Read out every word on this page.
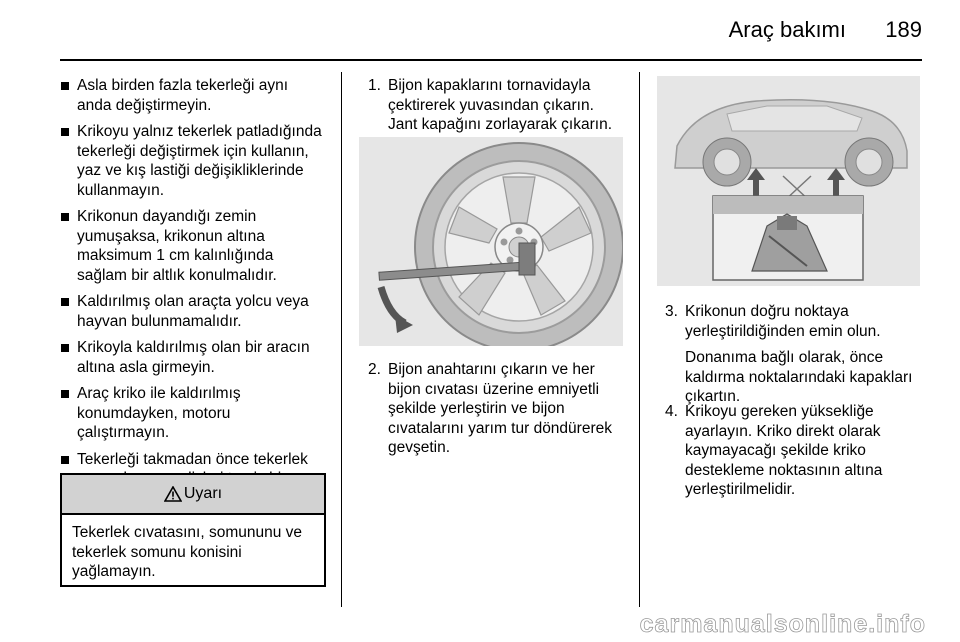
Araç bakımı 189
Asla birden fazla tekerleği aynı anda değiştirmeyin.
Krikoyu yalnız tekerlek patladığında tekerleği değiştirmek için kullanın, yaz ve kış lastiği değişikliklerinde kullanmayın.
Krikonun dayandığı zemin yumuşaksa, krikonun altına maksimum 1 cm kalınlığında sağlam bir altlık konulmalıdır.
Kaldırılmış olan araçta yolcu veya hayvan bulunmamalıdır.
Krikoyla kaldırılmış olan bir aracın altına asla girmeyin.
Araç kriko ile kaldırılmış konumdayken, motoru çalıştırmayın.
Tekerleği takmadan önce tekerlek
Uyarı
Tekerlek cıvatasını, somununu ve tekerlek somunu konisini yağlamayın.
1. Bijon kapaklarını tornavidayla çektirerek yuvasından çıkarın. Jant kapağını zorlayarak çıkarın.
2. Bijon anahtarını çıkarın ve her bijon cıvatası üzerine emniyetli şekilde yerleştirin ve bijon cıvatalarını yarım tur döndürerek gevşetin.
3. Krikonun doğru noktaya yerleştirildiğinden emin olun.
Donanıma bağlı olarak, önce kaldırma noktalarındaki kapakları çıkartın.
4. Krikoyu gereken yüksekliğe ayarlayın. Kriko direkt olarak kaymayacağı şekilde kriko destekleme noktasının altına yerleştirilmelidir.
carmanualsonline.info
